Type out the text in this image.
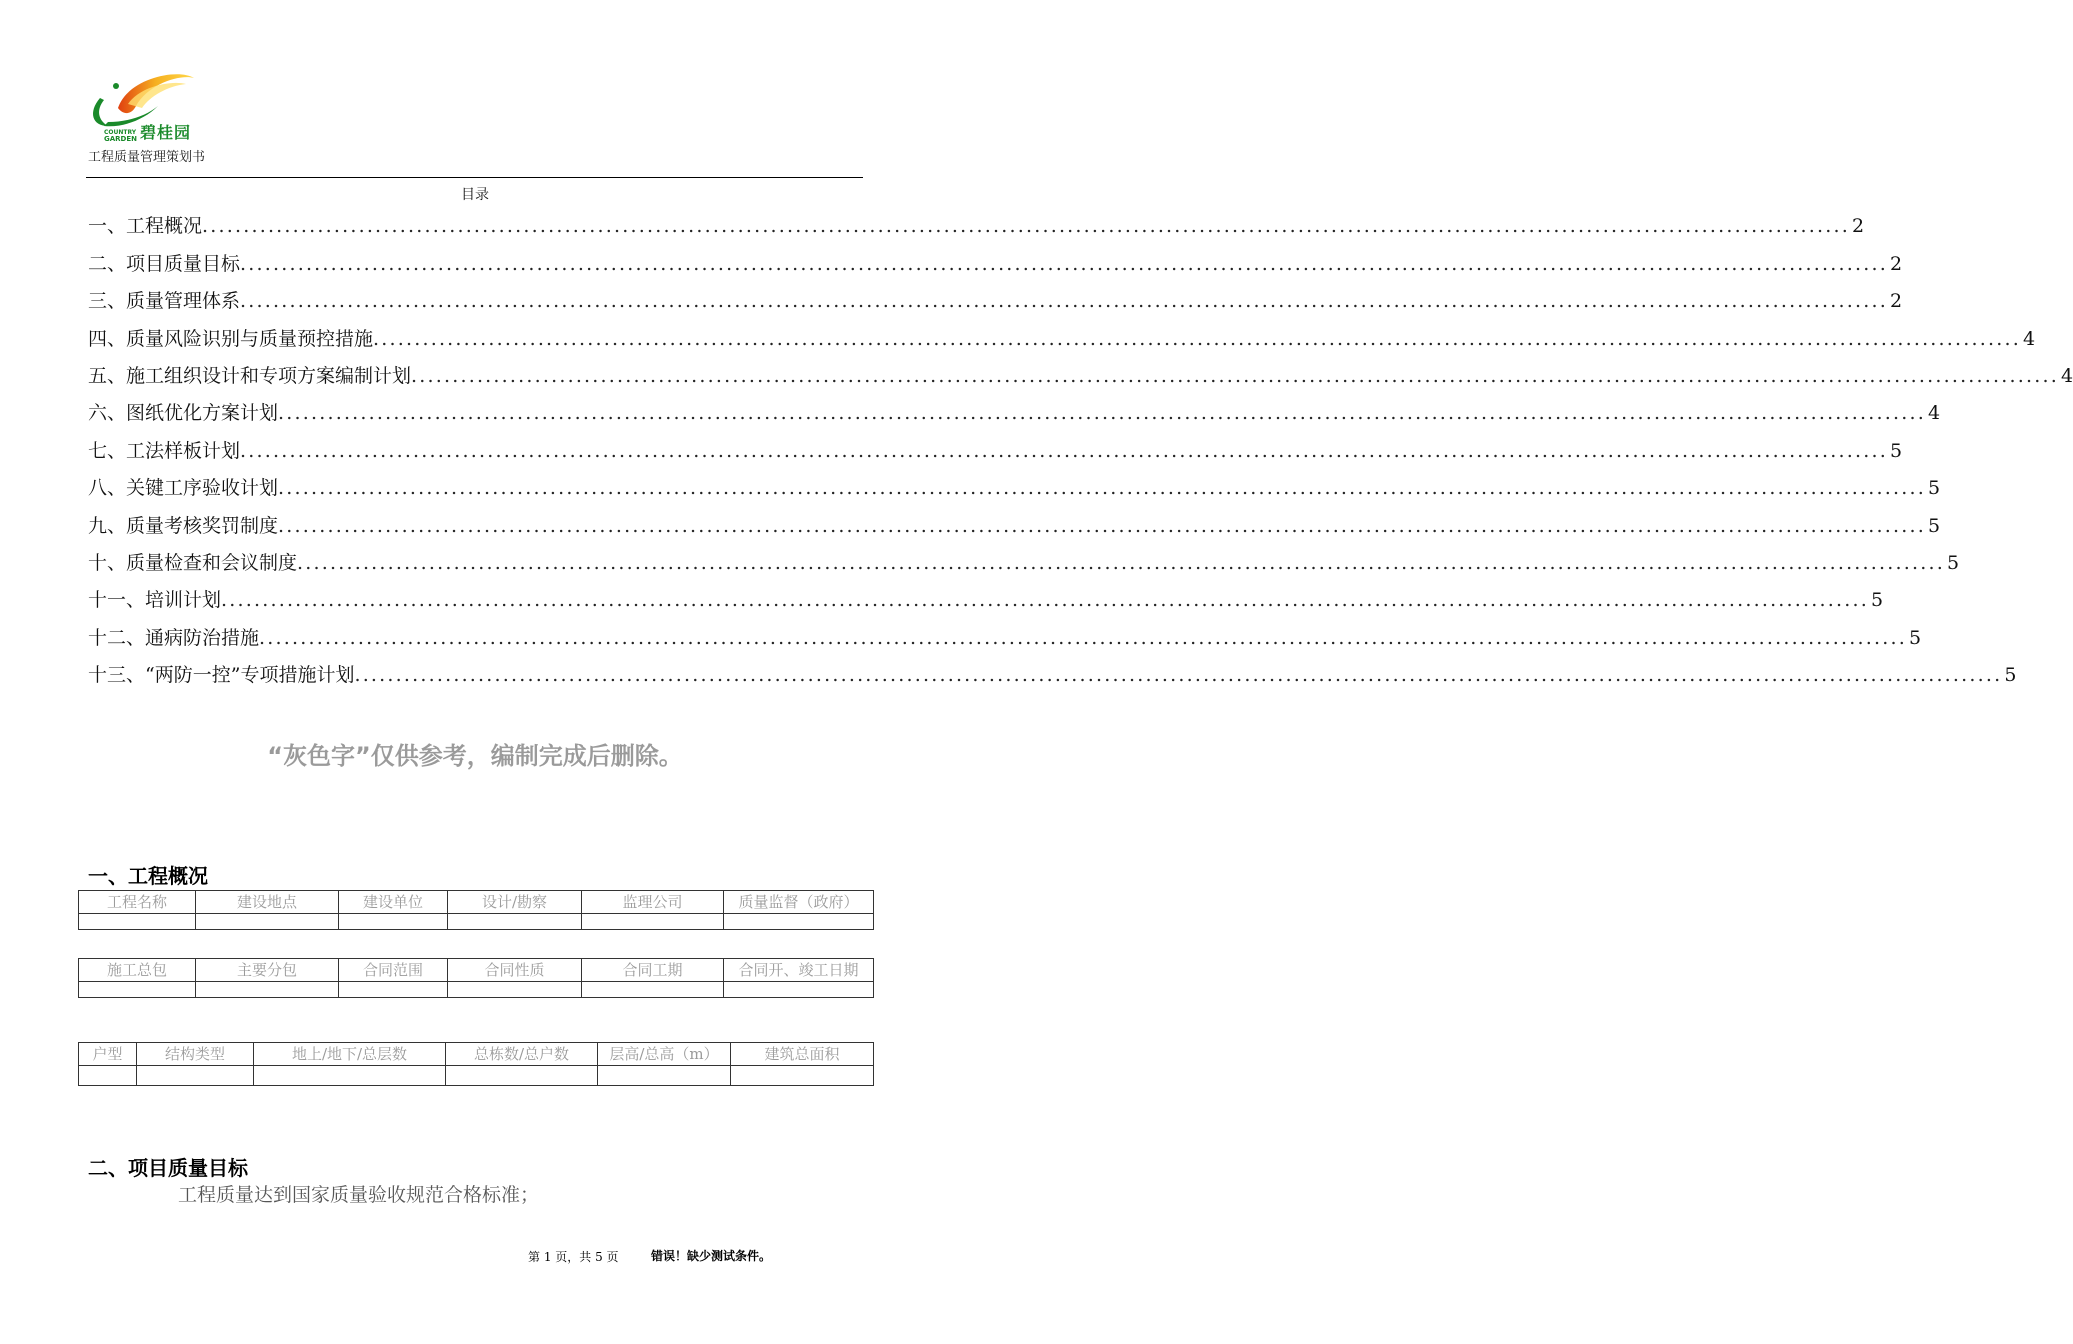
COUNTRY
GARDEN 碧桂园
工程质量管理策划书
目录
一、 工程概况 ........................................................................................................................................................................................................ 2
二、 项目质量目标 ........................................................................................................................................................................................................ 2
三、 质量管理体系 ........................................................................................................................................................................................................ 2
四、 质量风险识别与质量预控措施 ........................................................................................................................................................................................................ 4
五、 施工组织设计和专项方案编制计划 ........................................................................................................................................................................................................ 4
六、 图纸优化方案计划 ........................................................................................................................................................................................................ 4
七、 工法样板计划 ........................................................................................................................................................................................................ 5
八、 关键工序验收计划 ........................................................................................................................................................................................................ 5
九、 质量考核奖罚制度 ........................................................................................................................................................................................................ 5
十、 质量检查和会议制度 ........................................................................................................................................................................................................ 5
十一、 培训计划 ........................................................................................................................................................................................................ 5
十二、 通病防治措施 ........................................................................................................................................................................................................ 5
十三、 “两防一控”专项措施计划 ........................................................................................................................................................................................................ 5
“灰色字”仅供参考，编制完成后删除。
一、工程概况
工程名称	建设地点	建设单位	设计/勘察	监理公司	质量监督（政府）

施工总包	主要分包	合同范围	合同性质	合同工期	合同开、竣工日期

户型	结构类型	地上/地下/总层数	总栋数/总户数	层高/总高（m）	建筑总面积

二、项目质量目标
工程质量达到国家质量验收规范合格标准；
第 1 页，共 5 页	错误！缺少测试条件。
